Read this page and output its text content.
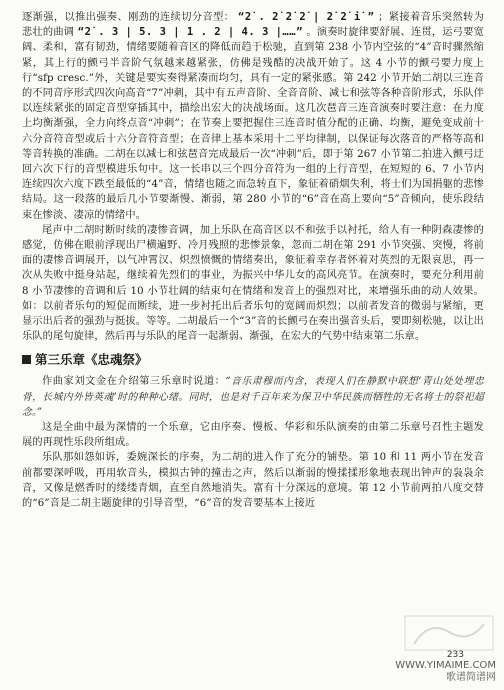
逐渐强，以推出强奏、刚劲的连续切分音型： “2̇ . 2̇ 2̇ 2̇ | 2̇ 2̇ i̇ ” ；紧接着音乐突然转为悲壮的曲调 “2̇ . 3 | 5. 3 | 1 . 2 | 4. 3 |……” 。演奏时旋律要舒展、连贯，运弓要宽阔、柔和，富有韧劲，情绪要随着音区的降低而趋于松驰，直到第 238 小节内空弦的“4”音时骤然缩紧，其上行的颤弓半音阶气氛越来越紧张，仿佛是残酷的决战开始了。这 4 小节的颤弓要力度上行“sfp cresc.”外，关键是要实奏得紧凑而均匀，具有一定的紧张感。第 242 小节开始二胡以三连音的不同音序形式四次向高音“7”冲刺，其中有五声音阶、全音音阶、减七和弦等各种音阶形式，乐队伴以连续紧张的固定音型穿插其中，描绘出宏大的决战场面。这几次琶音三连音演奏时要注意：在力度上均衡渐强，全力向终点音“冲刺”；在节奏上要把握住三连音时值分配的正确、均衡，避免变成前十六分音符音型或后十六分音符音型；在音律上基本采用十二平均律制，以保证每次落音的严格等高和等音转换的准确。二胡在以减七和弦琶音完成最后一次“冲刺”后，即于第 267 小节第二拍进入颤弓迂回六次下行的音型模进乐句中。这一长串以三个四分音符为一组的上行音型，在短短的 6、7 小节内连续四次六度下跌至最低的“4”音，情绪也随之而急转直下，象征着硝烟失利，将士们为国捐躯的悲惨结局。这一段落的最后几小节要渐慢、渐弱，第 280 小节的“6”音在高上要向“5”音倾向，使乐段结束在惨淡、凄凉的情绪中。

尾声中二胡时断时续的凄惨音调，加上乐队在高音区以不和弦手以衬托，给人有一种阴森凄惨的感觉，仿佛在眼前浮现出尸横遍野、冷月残照的悲惨景象，忽而二胡在第 291 小节突强、突慢，将前面的凄惨音调展开，以气冲霄汉、炽烈愤慨的情绪奏出，象征着幸存者怀着对英烈的无限哀思，再一次从失败中挺身站起，继续着先烈们的事业，为振兴中华儿女的高风亮节。在演奏时，要充分利用前 8 小节凄惨的音调和后 10 小节壮阔的结束句在情绪和发音上的强烈对比，来增强乐曲的动人效果。如：以前者乐句的短促而断续，进一步衬托出后者乐句的宽阔而炽烈；以前者发音的微弱与紧缩，更显示出后者的强劲与挺拔。等等。二胡最后一个“3”音的长颤弓在奏出强音头后，要即刻松驰，以让出乐队的尾句旋律，然后再与乐队的尾音一起渐弱、渐强，在宏大的气势中结束第二乐章。

第三乐章《忠魂祭》

作曲家刘文金在介绍第三乐章时说道：“音乐肃穆而内含，表现人们在静默中联想‘青山处处埋忠骨，长城内外皆英魂’时的种种心绪。同时，也是对千百年来为保卫中华民族而牺牲的无名将士的祭祀超念。”

这是全曲中最为深情的一个乐章，它由序奏、慢板、华彩和乐队演奏的由第二乐章号召性主题发展的再现性乐段所组成。

乐队那如怨如诉，委婉深长的序奏，为二胡的进入作了充分的铺垫。第 10 和 11 两小节在发音前都要深呼吸，再用软音头，模拟古钟的撞击之声，然后以渐弱的慢揉揉形象地表现出钟声的袅袅余音，又像是燃香时的缕缕青烟，直至自然地消失。富有十分深远的意境。第 12 小节前两拍八度交替的“6”音是二胡主题旋律的引导音型，“6”音的发音要基本上接近

233
WWW.YIMAIME.COM
歌谱简谱网
